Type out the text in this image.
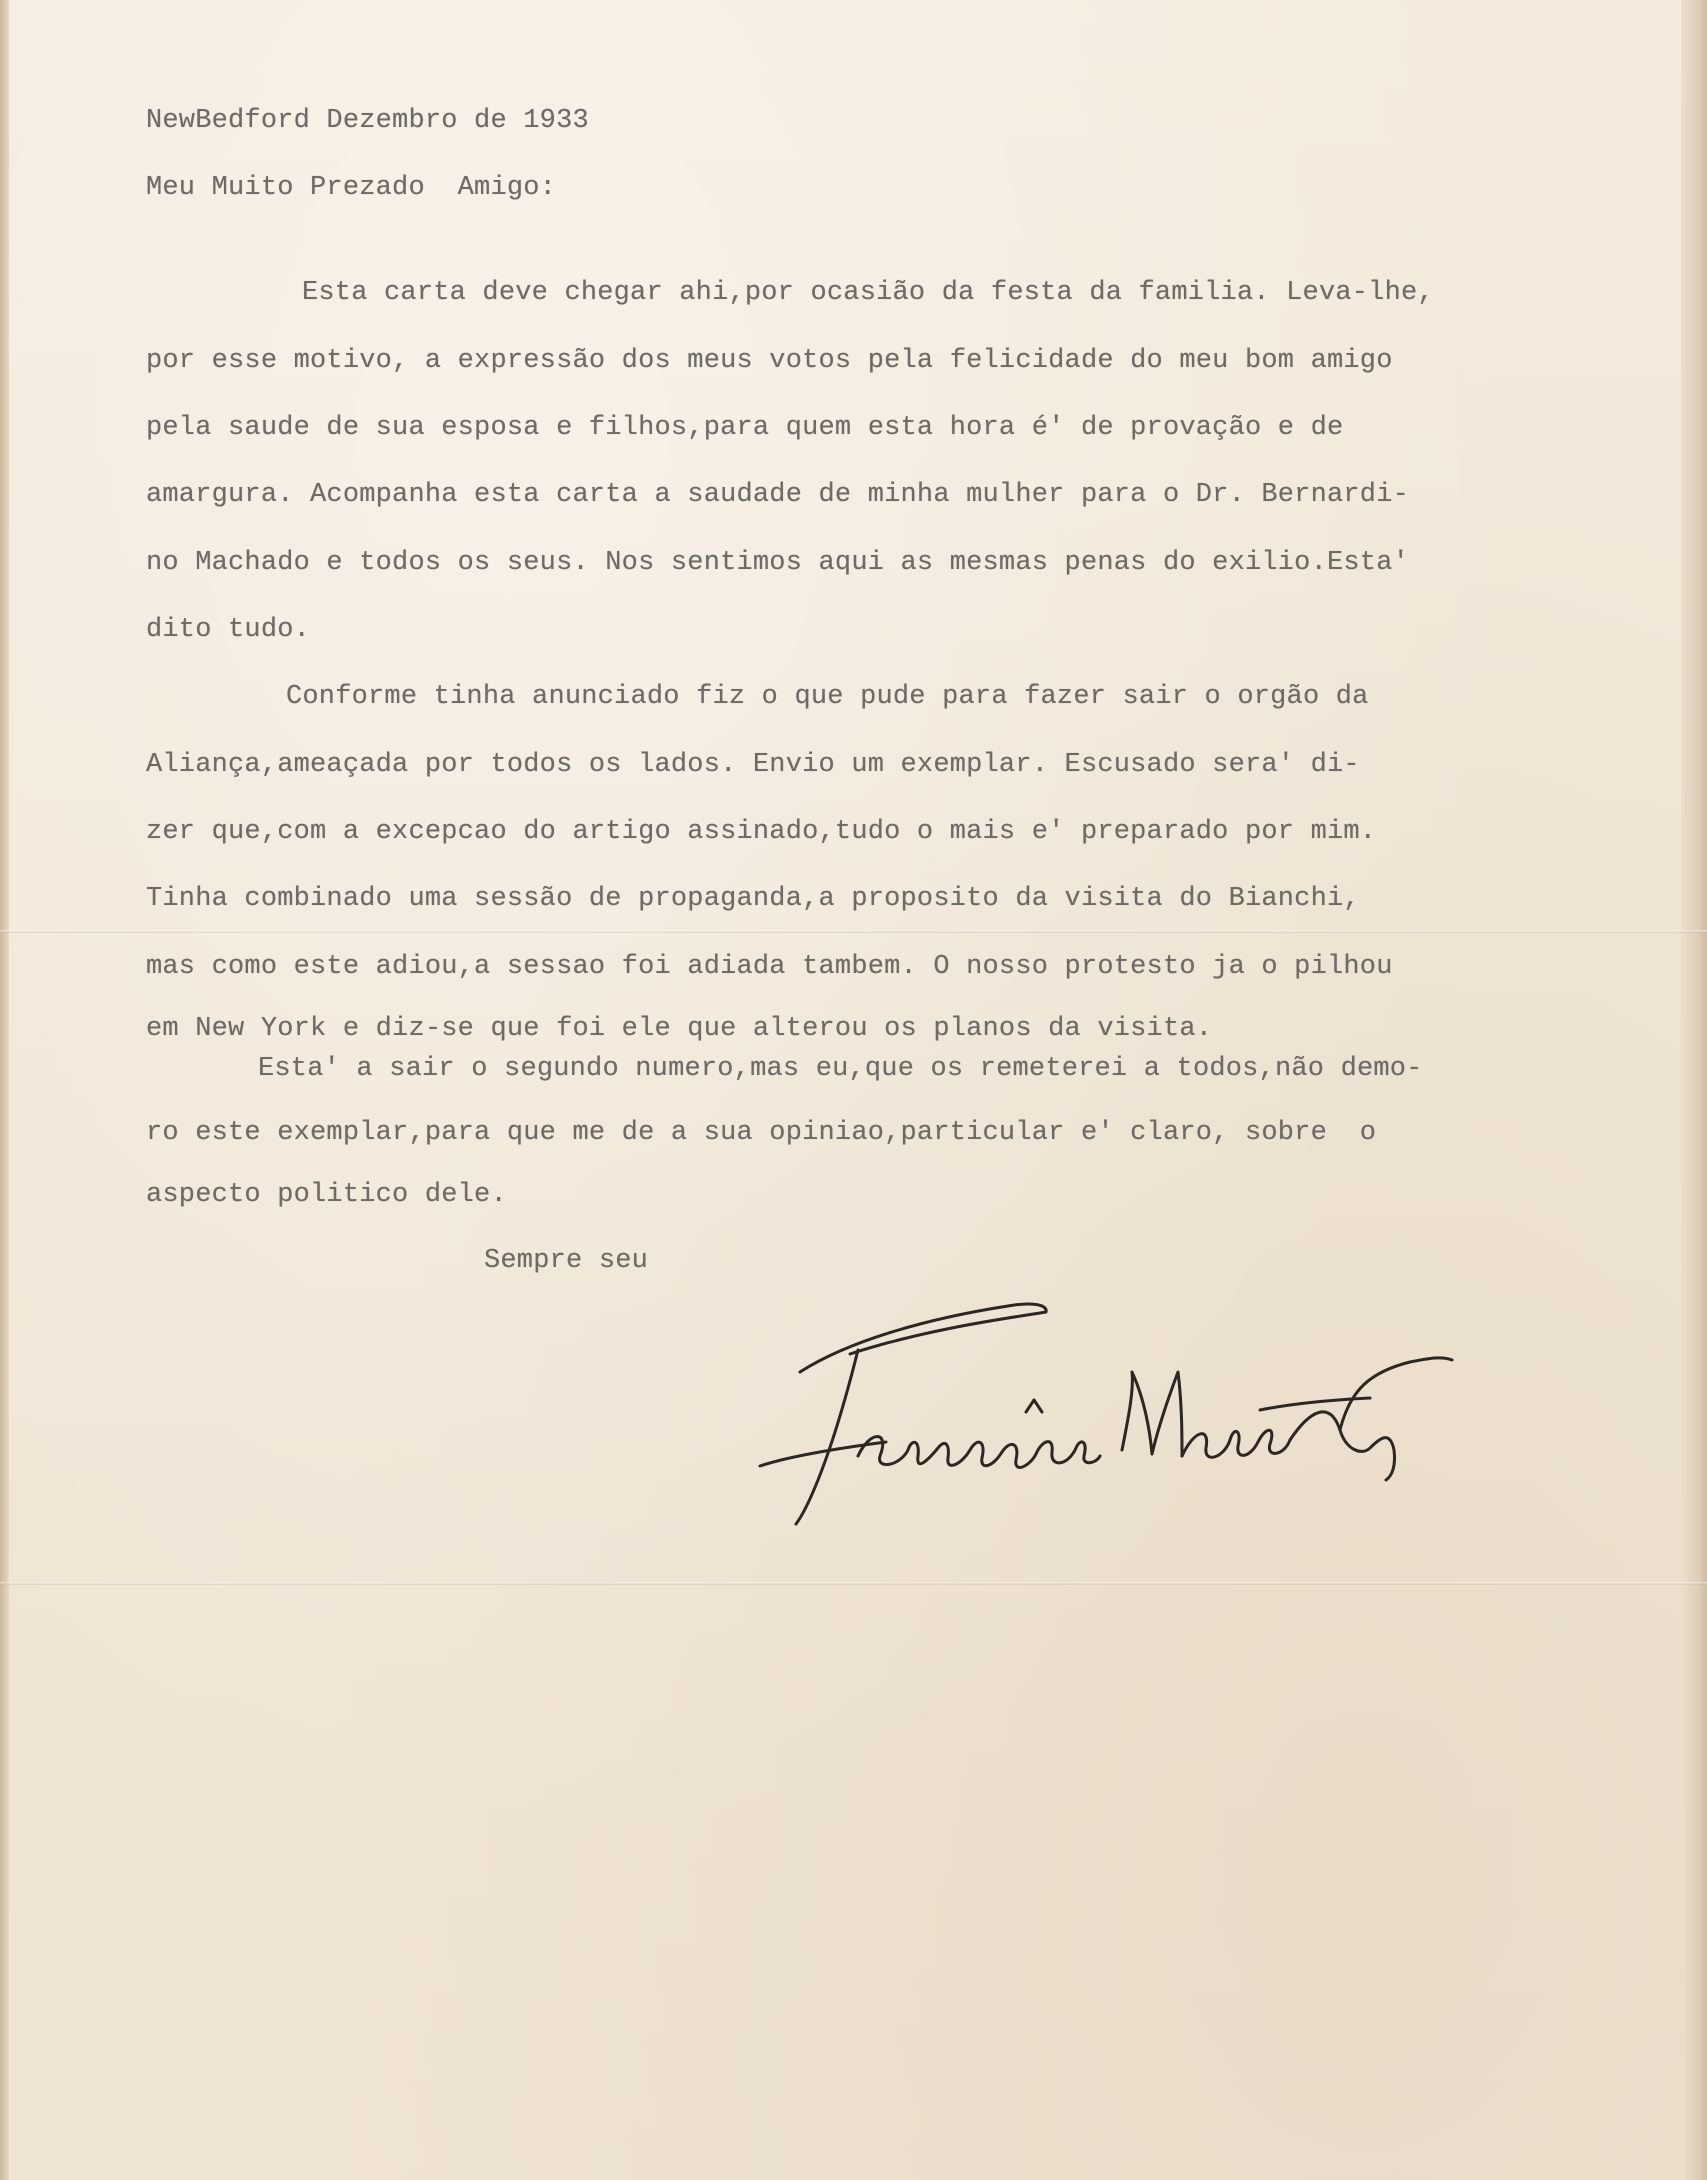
NewBedford Dezembro de 1933

Meu Muito Prezado  Amigo:

Esta carta deve chegar ahi,por ocasião da festa da familia. Leva-lhe,

por esse motivo, a expressão dos meus votos pela felicidade do meu bom amigo

pela saude de sua esposa e filhos,para quem esta hora é' de provação e de

amargura. Acompanha esta carta a saudade de minha mulher para o Dr. Bernardi-

no Machado e todos os seus. Nos sentimos aqui as mesmas penas do exilio.Esta'

dito tudo.

Conforme tinha anunciado fiz o que pude para fazer sair o orgão da

Aliança,ameaçada por todos os lados. Envio um exemplar. Escusado sera' di-

zer que,com a excepcao do artigo assinado,tudo o mais e' preparado por mim.

Tinha combinado uma sessão de propaganda,a proposito da visita do Bianchi,

mas como este adiou,a sessao foi adiada tambem. O nosso protesto ja o pilhou

em New York e diz-se que foi ele que alterou os planos da visita.

Esta' a sair o segundo numero,mas eu,que os remeterei a todos,não demo-

ro este exemplar,para que me de a sua opiniao,particular e' claro, sobre  o

aspecto politico dele.

Sempre seu
